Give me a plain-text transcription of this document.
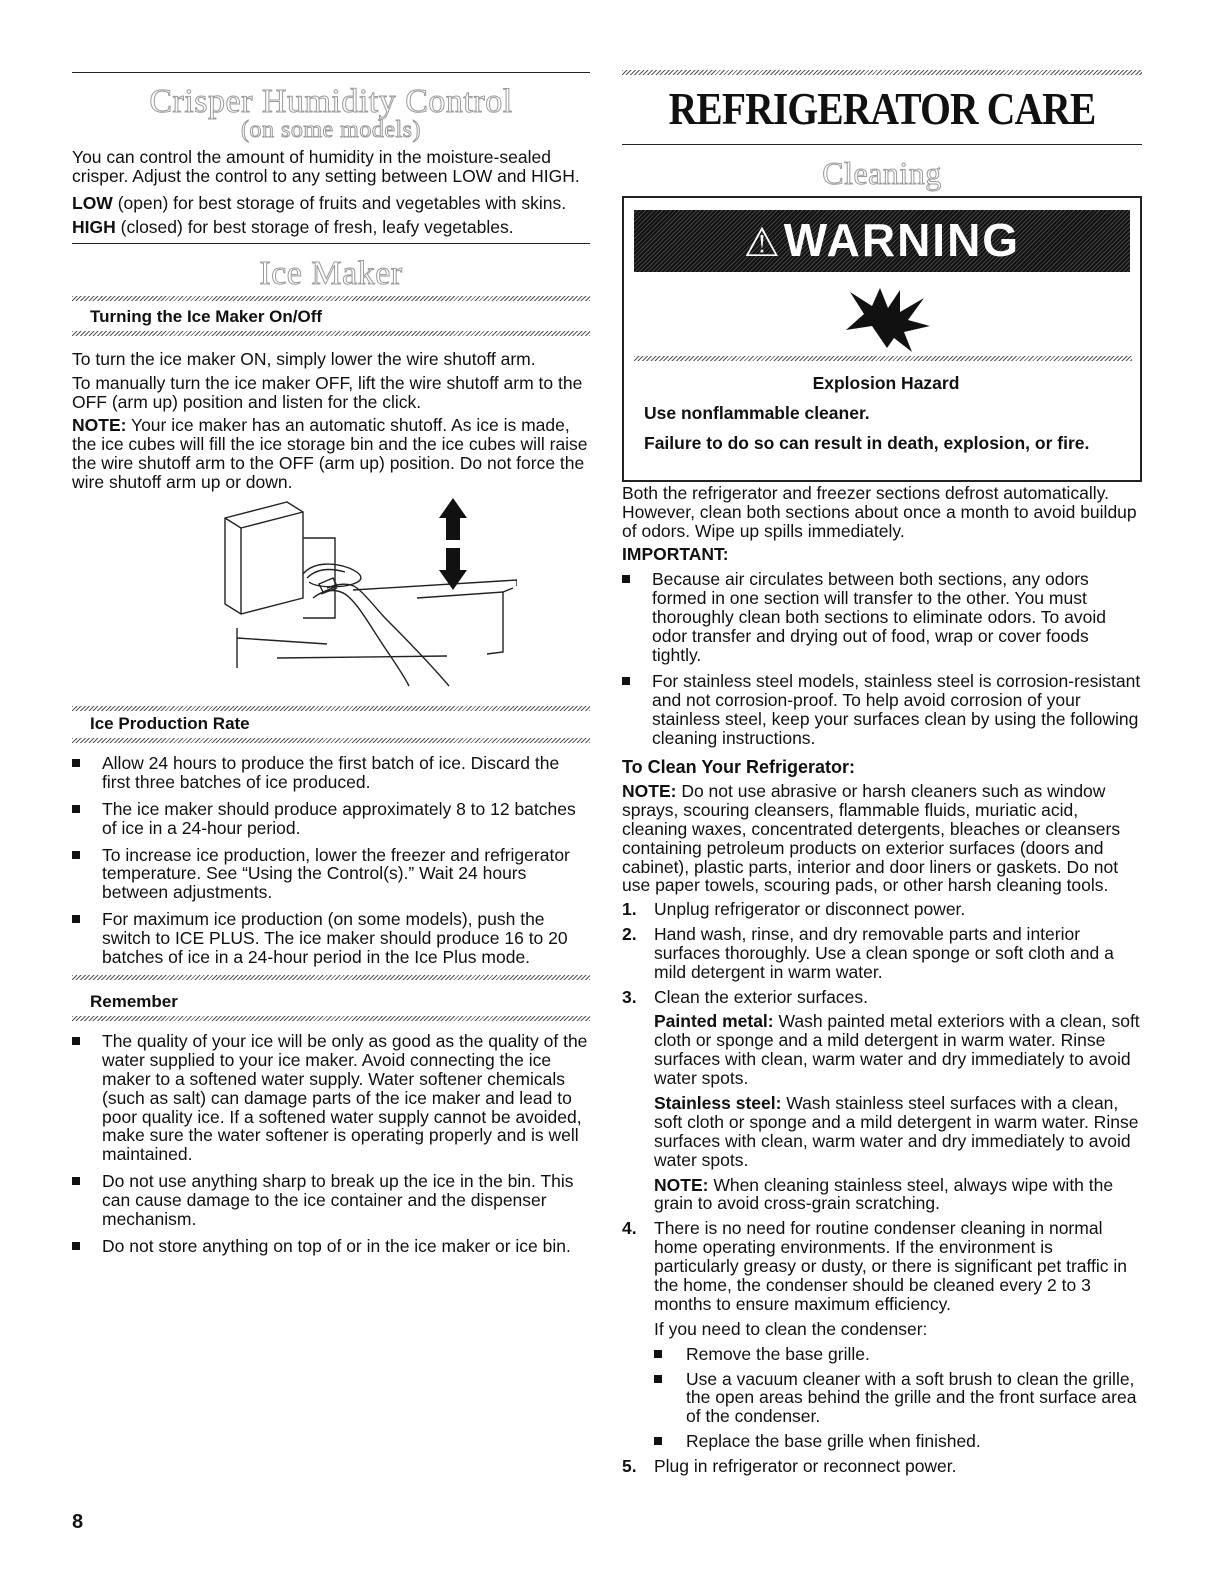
Crisper Humidity Control
(on some models)

You can control the amount of humidity in the moisture-sealed crisper. Adjust the control to any setting between LOW and HIGH.

LOW (open) for best storage of fruits and vegetables with skins.

HIGH (closed) for best storage of fresh, leafy vegetables.

Ice Maker
Turning the Ice Maker On/Off

To turn the ice maker ON, simply lower the wire shutoff arm.

To manually turn the ice maker OFF, lift the wire shutoff arm to the OFF (arm up) position and listen for the click.

NOTE: Your ice maker has an automatic shutoff. As ice is made, the ice cubes will fill the ice storage bin and the ice cubes will raise the wire shutoff arm to the OFF (arm up) position. Do not force the wire shutoff arm up or down.

Ice Production Rate
Allow 24 hours to produce the first batch of ice. Discard the first three batches of ice produced.
The ice maker should produce approximately 8 to 12 batches of ice in a 24-hour period.
To increase ice production, lower the freezer and refrigerator temperature. See “Using the Control(s).” Wait 24 hours between adjustments.
For maximum ice production (on some models), push the switch to ICE PLUS. The ice maker should produce 16 to 20 batches of ice in a 24-hour period in the Ice Plus mode.
Remember
The quality of your ice will be only as good as the quality of the water supplied to your ice maker. Avoid connecting the ice maker to a softened water supply. Water softener chemicals (such as salt) can damage parts of the ice maker and lead to poor quality ice. If a softened water supply cannot be avoided, make sure the water softener is operating properly and is well maintained.
Do not use anything sharp to break up the ice in the bin. This can cause damage to the ice container and the dispenser mechanism.
Do not store anything on top of or in the ice maker or ice bin.
8
REFRIGERATOR CARE
Cleaning
⚠WARNING
Explosion Hazard
Use nonflammable cleaner.
Failure to do so can result in death, explosion, or fire.

Both the refrigerator and freezer sections defrost automatically. However, clean both sections about once a month to avoid buildup of odors. Wipe up spills immediately.

IMPORTANT:

Because air circulates between both sections, any odors formed in one section will transfer to the other. You must thoroughly clean both sections to eliminate odors. To avoid odor transfer and drying out of food, wrap or cover foods tightly.
For stainless steel models, stainless steel is corrosion-resistant and not corrosion-proof. To help avoid corrosion of your stainless steel, keep your surfaces clean by using the following cleaning instructions.

To Clean Your Refrigerator:

NOTE: Do not use abrasive or harsh cleaners such as window sprays, scouring cleansers, flammable fluids, muriatic acid, cleaning waxes, concentrated detergents, bleaches or cleansers containing petroleum products on exterior surfaces (doors and cabinet), plastic parts, interior and door liners or gaskets. Do not use paper towels, scouring pads, or other harsh cleaning tools.

1. Unplug refrigerator or disconnect power.
2. Hand wash, rinse, and dry removable parts and interior surfaces thoroughly. Use a clean sponge or soft cloth and a mild detergent in warm water.
3. Clean the exterior surfaces.

Painted metal: Wash painted metal exteriors with a clean, soft cloth or sponge and a mild detergent in warm water. Rinse surfaces with clean, warm water and dry immediately to avoid water spots.

Stainless steel: Wash stainless steel surfaces with a clean, soft cloth or sponge and a mild detergent in warm water. Rinse surfaces with clean, warm water and dry immediately to avoid water spots.

NOTE: When cleaning stainless steel, always wipe with the grain to avoid cross-grain scratching.

4. There is no need for routine condenser cleaning in normal home operating environments. If the environment is particularly greasy or dusty, or there is significant pet traffic in the home, the condenser should be cleaned every 2 to 3 months to ensure maximum efficiency.

If you need to clean the condenser:

Remove the base grille.
Use a vacuum cleaner with a soft brush to clean the grille, the open areas behind the grille and the front surface area of the condenser.
Replace the base grille when finished.
5. Plug in refrigerator or reconnect power.
